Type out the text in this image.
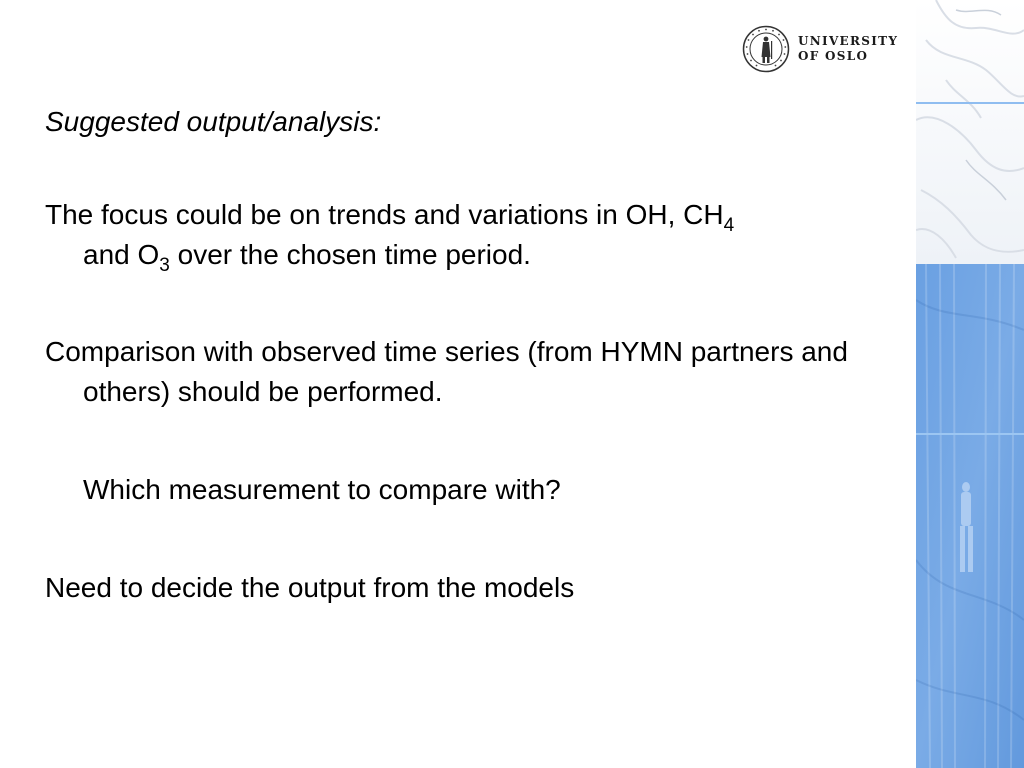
UNIVERSITY
OF OSLO

Suggested output/analysis:

The focus could be on trends and variations in OH, $CH_4$
and $O_3$ over the chosen time period.

Comparison with observed time series (from HYMN partners and others) should be performed.

Which measurement to compare with?

Need to decide the output from the models
